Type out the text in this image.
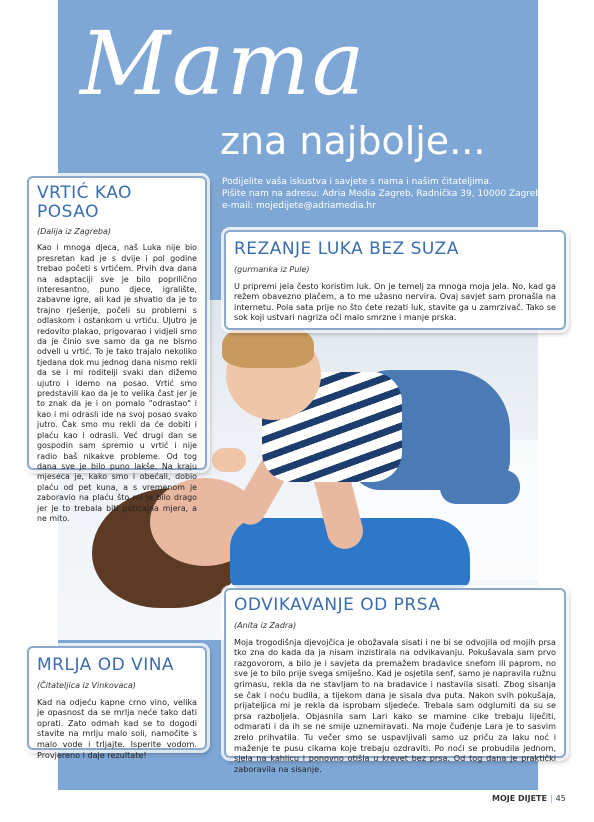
Mama
zna najbolje...
Podijelite vaša iskustva i savjete s nama i našim čitateljima.
Pišite nam na adresu: Adria Media Zagreb, Radnička 39, 10000 Zagreb
e-mail: mojedijete@adriamedia.hr
VRTIĆ KAO POSAO
(Dalija iz Zagreba)
Kao i mnoga djeca, naš Luka nije bio presretan kad je s dvije i pol godine trebao početi s vrtićem. Prvih dva dana na adaptaciji sve je bilo poprilično interesantno, puno djece, igralište, zabavne igre, ali kad je shvatio da je to trajno rješenje, počeli su problemi s odlaskom i ostankom u vrtiću. Ujutro je redovito plakao, prigovarao i vidjeli smo da je činio sve samo da ga ne bismo odveli u vrtić. To je tako trajalo nekoliko tjedana dok mu jednog dana nismo rekli da se i mi roditelji svaki dan dižemo ujutro i idemo na posao. Vrtić smo predstavili kao da je to velika čast jer je to znak da je i on pomalo "odrastao" i kao i mi odrasli ide na svoj posao svako jutro. Čak smo mu rekli da će dobiti i plaću kao i odrasli. Već drugi dan se gospodin sam spremio u vrtić i nije radio baš nikakve probleme. Od tog dana sve je bilo puno lakše. Na kraju mjeseca je, kako smo i obećali, dobio plaću od pet kuna, a s vremenom je zaboravio na plaću što mi je bilo drago jer je to trebala biti poticajna mjera, a ne mito.
REZANJE LUKA BEZ SUZA
(gurmanka iz Pule)
U pripremi jela često koristim luk. On je temelj za mnoga moja jela. No, kad ga režem obavezno plačem, a to me užasno nervira. Ovaj savjet sam pronašla na internetu. Pola sata prije no što ćete rezati luk, stavite ga u zamrzivač. Tako se sok koji ustvari nagriza oči malo smrzne i manje prska.
MRLJA OD VINA
(Čitateljica iz Vinkovaca)
Kad na odjeću kapne crno vino, velika je opasnost da se mrlja neće tako dati oprati. Zato odmah kad se to dogodi stavite na mrlju malo soli, namočite s malo vode i trljajte. Isperite vodom. Provjereno i daje rezultate!
ODVIKAVANJE OD PRSA
(Anita iz Zadra)
Moja trogodišnja djevojčica je obožavala sisati i ne bi se odvojila od mojih prsa tko zna do kada da ja nisam inzistirala na odvikavanju. Pokušavala sam prvo razgovorom, a bilo je i savjeta da premažem bradavice snefom ili paprom, no sve je to bilo prije svega smiješno. Kad je osjetila senf, samo je napravila ružnu grimasu, rekla da ne stavljam to na bradavice i nastavila sisati. Zbog sisanja se čak i noću budila, a tijekom dana je sisala dva puta. Nakon svih pokušaja, prijateljica mi je rekla da isprobam sljedeće. Trebala sam odglumiti da su se prsa razboljela. Objasnila sam Lari kako se mamine cike trebaju liječiti, odmarati i da ih se ne smije uznemiravati. Na moje čuđenje Lara je to sasvim zrelo prihvatila. Tu večer smo se uspavljivali samo uz priču za laku noć i maženje te pusu cikama koje trebaju ozdraviti. Po noći se probudila jednom, sjela na kahlicu i ponovno otišla u krevet bez prsa. Od tog dana je praktički zaboravila na sisanje.
MOJE DIJETE | 45
